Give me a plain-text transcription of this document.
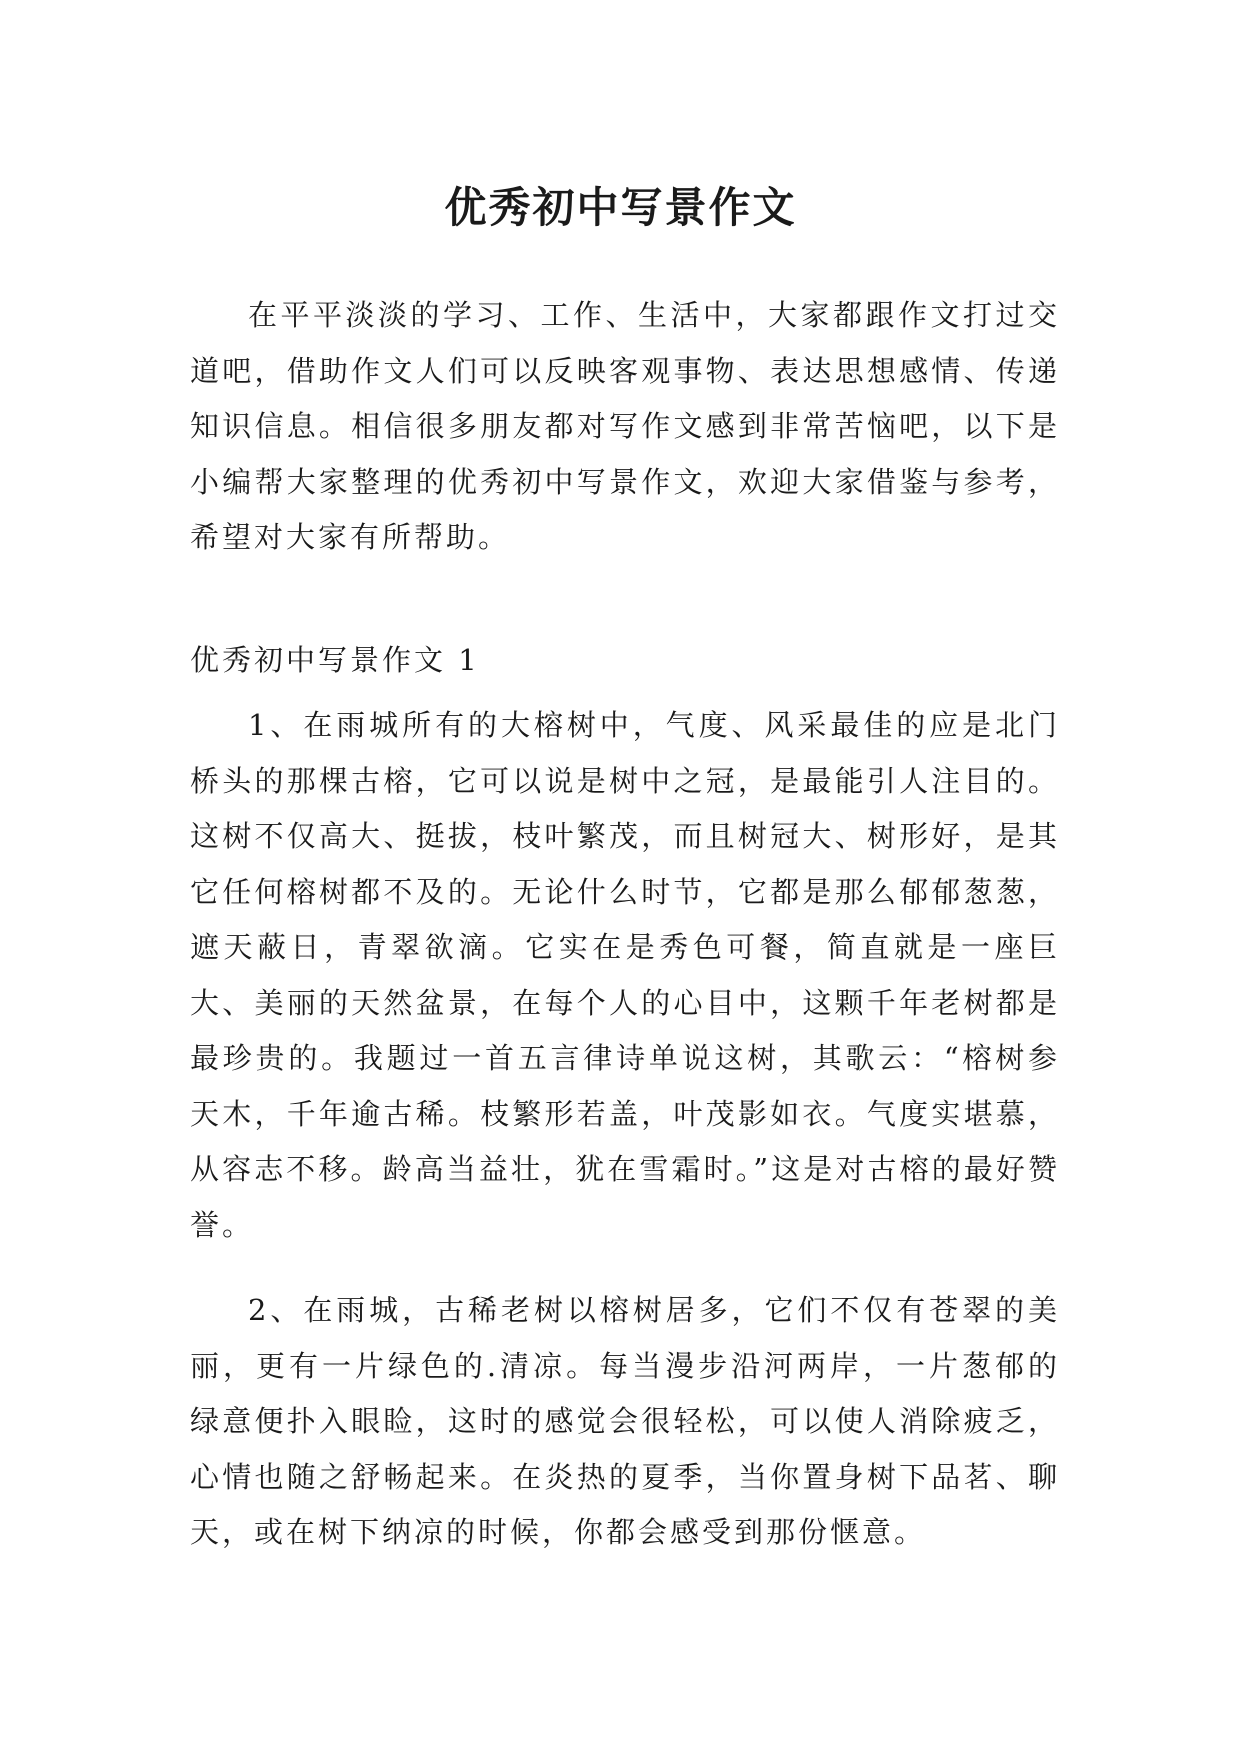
优秀初中写景作文

在平平淡淡的学习、工作、生活中，大家都跟作文打过交道吧，借助作文人们可以反映客观事物、表达思想感情、传递知识信息。相信很多朋友都对写作文感到非常苦恼吧，以下是小编帮大家整理的优秀初中写景作文，欢迎大家借鉴与参考，希望对大家有所帮助。

优秀初中写景作文 1

1、在雨城所有的大榕树中，气度、风采最佳的应是北门桥头的那棵古榕，它可以说是树中之冠，是最能引人注目的。这树不仅高大、挺拔，枝叶繁茂，而且树冠大、树形好，是其它任何榕树都不及的。无论什么时节，它都是那么郁郁葱葱，遮天蔽日，青翠欲滴。它实在是秀色可餐，简直就是一座巨大、美丽的天然盆景，在每个人的心目中，这颗千年老树都是最珍贵的。我题过一首五言律诗单说这树，其歌云：“榕树参天木，千年逾古稀。枝繁形若盖，叶茂影如衣。气度实堪慕，从容志不移。龄高当益壮，犹在雪霜时。”这是对古榕的最好赞誉。

2、在雨城，古稀老树以榕树居多，它们不仅有苍翠的美丽，更有一片绿色的.清凉。每当漫步沿河两岸，一片葱郁的绿意便扑入眼睑，这时的感觉会很轻松，可以使人消除疲乏，心情也随之舒畅起来。在炎热的夏季，当你置身树下品茗、聊天，或在树下纳凉的时候，你都会感受到那份惬意。
